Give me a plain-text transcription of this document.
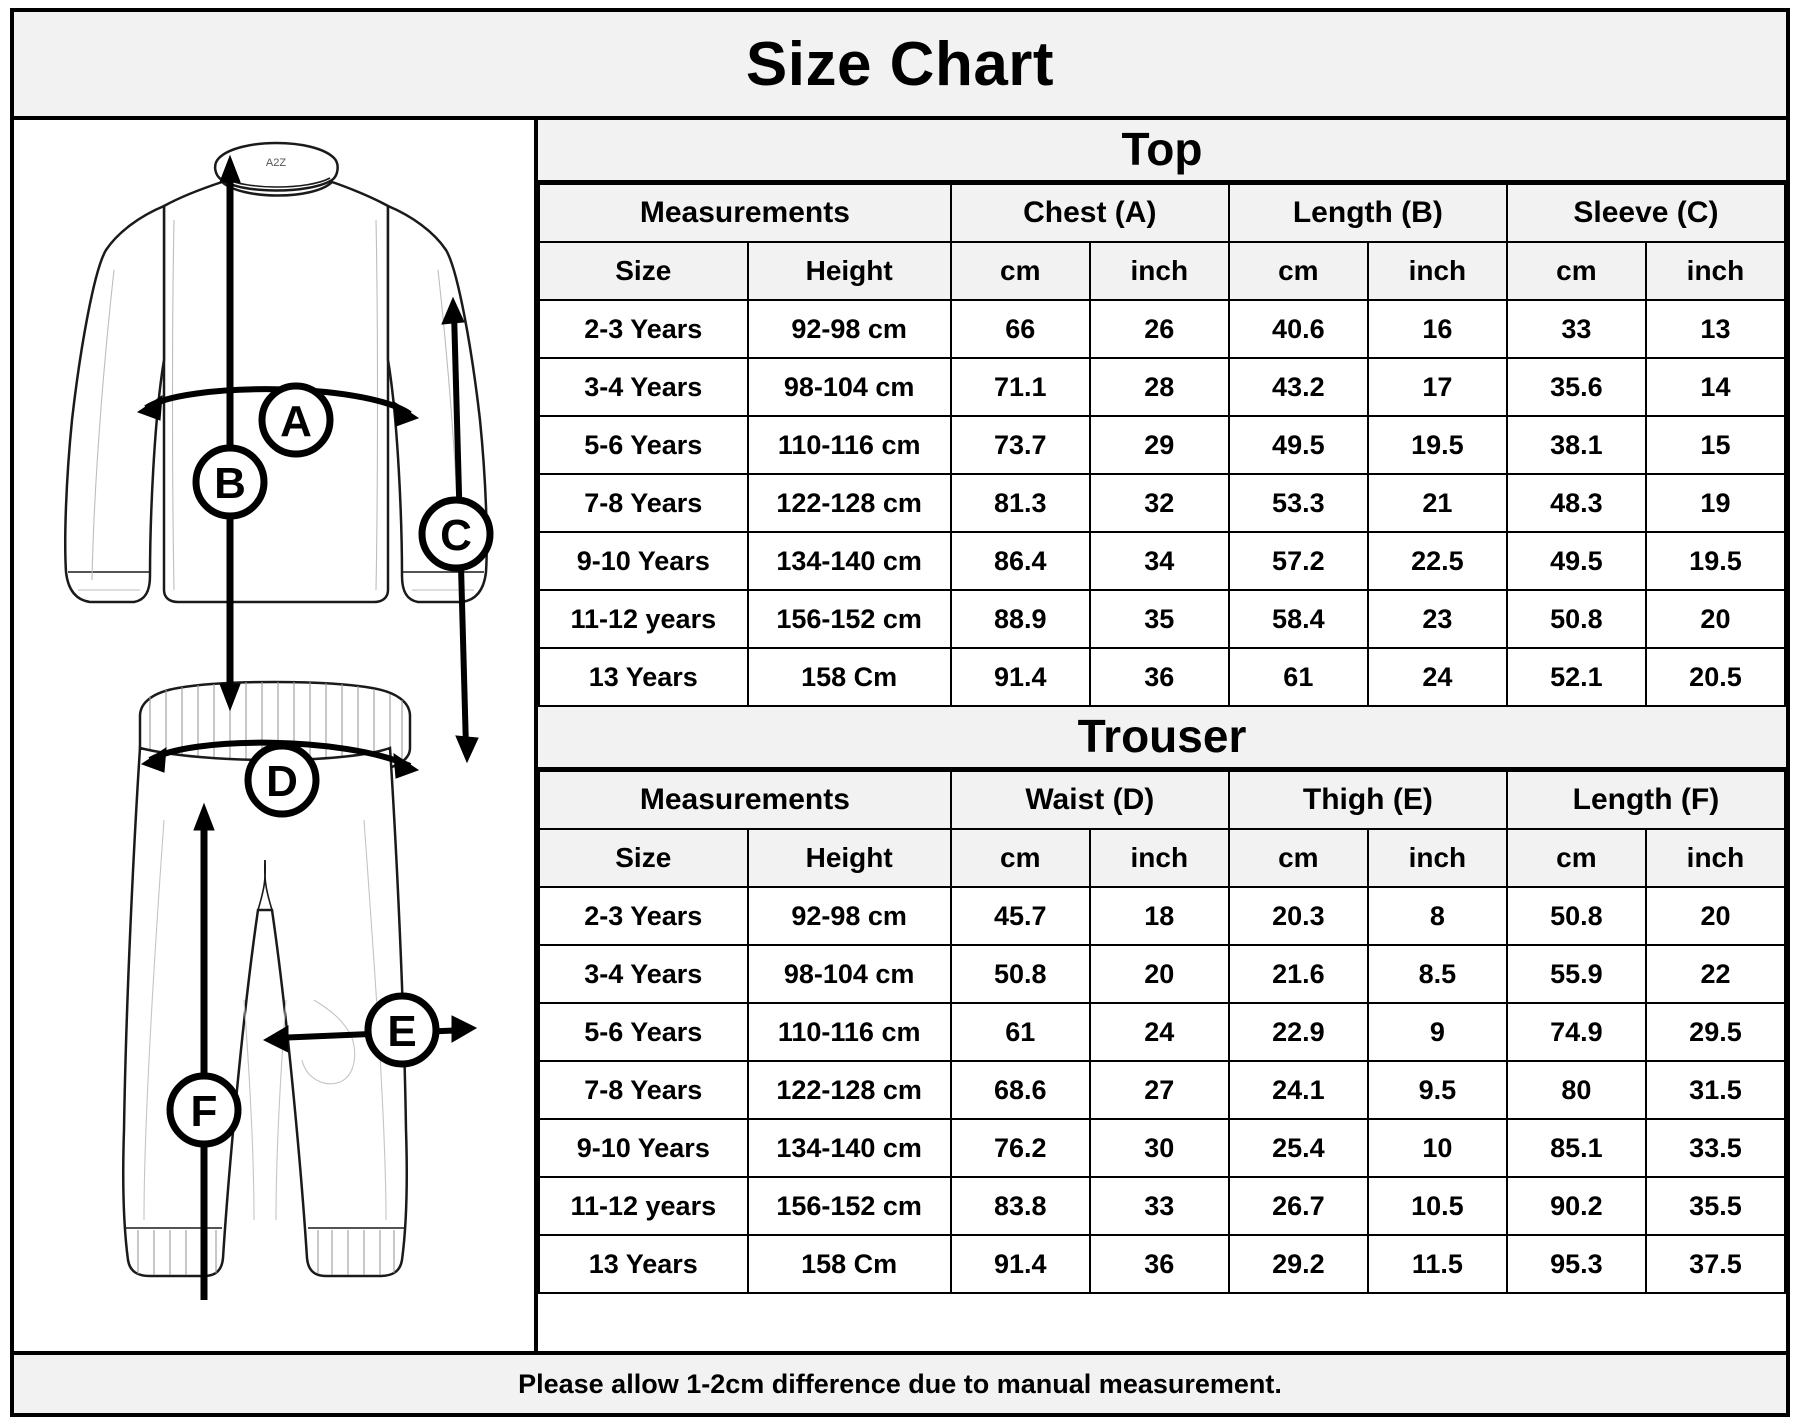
Size Chart
A2Z
A
B
C
D
E
F
Top
Measurements		Chest (A)		Length (B)		Sleeve (C)	
Size	Height	cm	inch	cm	inch	cm	inch
2-3 Years	92-98 cm	66	26	40.6	16	33	13
3-4 Years	98-104 cm	71.1	28	43.2	17	35.6	14
5-6 Years	110-116 cm	73.7	29	49.5	19.5	38.1	15
7-8 Years	122-128 cm	81.3	32	53.3	21	48.3	19
9-10 Years	134-140 cm	86.4	34	57.2	22.5	49.5	19.5
11-12 years	156-152 cm	88.9	35	58.4	23	50.8	20
13 Years	158 Cm	91.4	36	61	24	52.1	20.5
Trouser
Measurements		Waist (D)		Thigh (E)		Length (F)	
Size	Height	cm	inch	cm	inch	cm	inch
2-3 Years	92-98 cm	45.7	18	20.3	8	50.8	20
3-4 Years	98-104 cm	50.8	20	21.6	8.5	55.9	22
5-6 Years	110-116 cm	61	24	22.9	9	74.9	29.5
7-8 Years	122-128 cm	68.6	27	24.1	9.5	80	31.5
9-10 Years	134-140 cm	76.2	30	25.4	10	85.1	33.5
11-12 years	156-152 cm	83.8	33	26.7	10.5	90.2	35.5
13 Years	158 Cm	91.4	36	29.2	11.5	95.3	37.5
Please allow 1-2cm difference due to manual measurement.
